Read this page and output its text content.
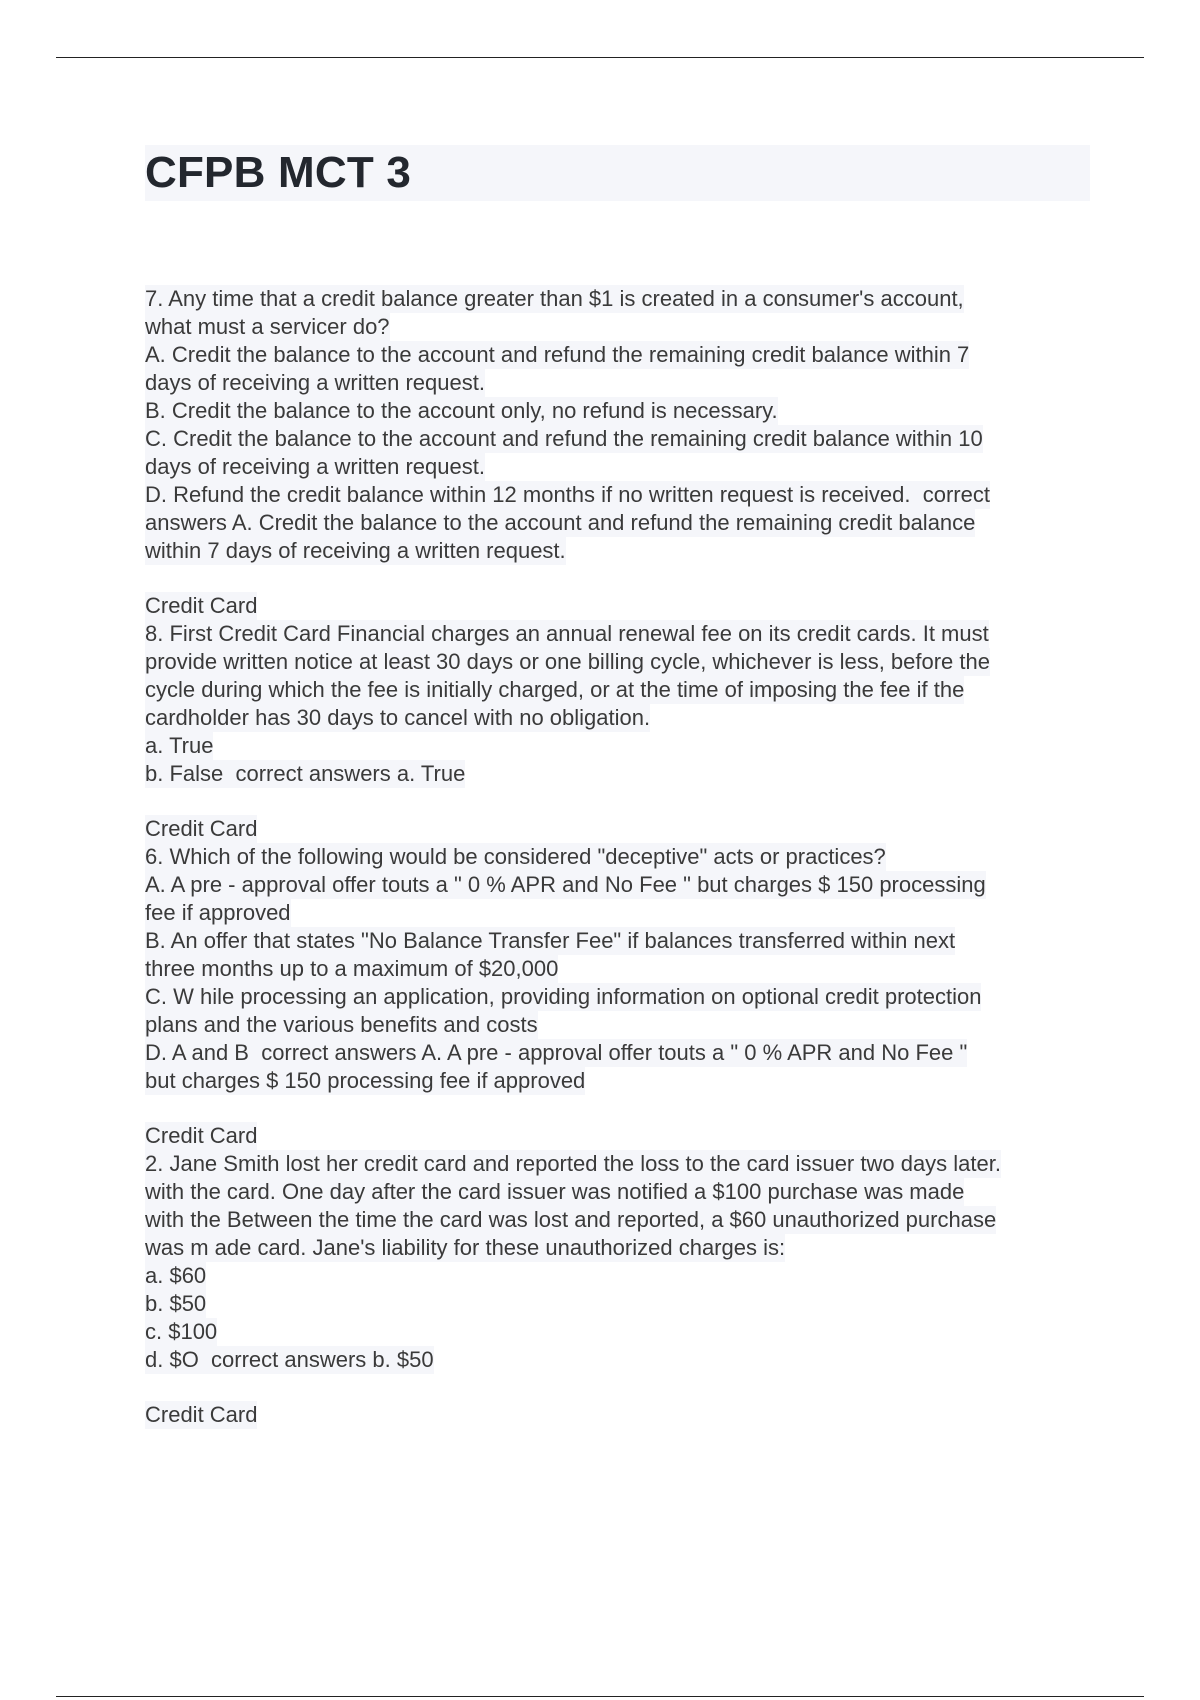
CFPB MCT 3
7. Any time that a credit balance greater than $1 is created in a consumer's account,
what must a servicer do?
A. Credit the balance to the account and refund the remaining credit balance within 7
days of receiving a written request.
B. Credit the balance to the account only, no refund is necessary.
C. Credit the balance to the account and refund the remaining credit balance within 10
days of receiving a written request.
D. Refund the credit balance within 12 months if no written request is received.  correct
answers A. Credit the balance to the account and refund the remaining credit balance
within 7 days of receiving a written request.
Credit Card
8. First Credit Card Financial charges an annual renewal fee on its credit cards. It must
provide written notice at least 30 days or one billing cycle, whichever is less, before the
cycle during which the fee is initially charged, or at the time of imposing the fee if the
cardholder has 30 days to cancel with no obligation.
a. True
b. False  correct answers a. True
Credit Card
6. Which of the following would be considered "deceptive" acts or practices?
A. A pre - approval offer touts a " 0 % APR and No Fee " but charges $ 150 processing
fee if approved
B. An offer that states "No Balance Transfer Fee" if balances transferred within next
three months up to a maximum of $20,000
C. W hile processing an application, providing information on optional credit protection
plans and the various benefits and costs
D. A and B  correct answers A. A pre - approval offer touts a " 0 % APR and No Fee "
but charges $ 150 processing fee if approved
Credit Card
2. Jane Smith lost her credit card and reported the loss to the card issuer two days later.
with the card. One day after the card issuer was notified a $100 purchase was made
with the Between the time the card was lost and reported, a $60 unauthorized purchase
was m ade card. Jane's liability for these unauthorized charges is:
a. $60
b. $50
c. $100
d. $O  correct answers b. $50
Credit Card
